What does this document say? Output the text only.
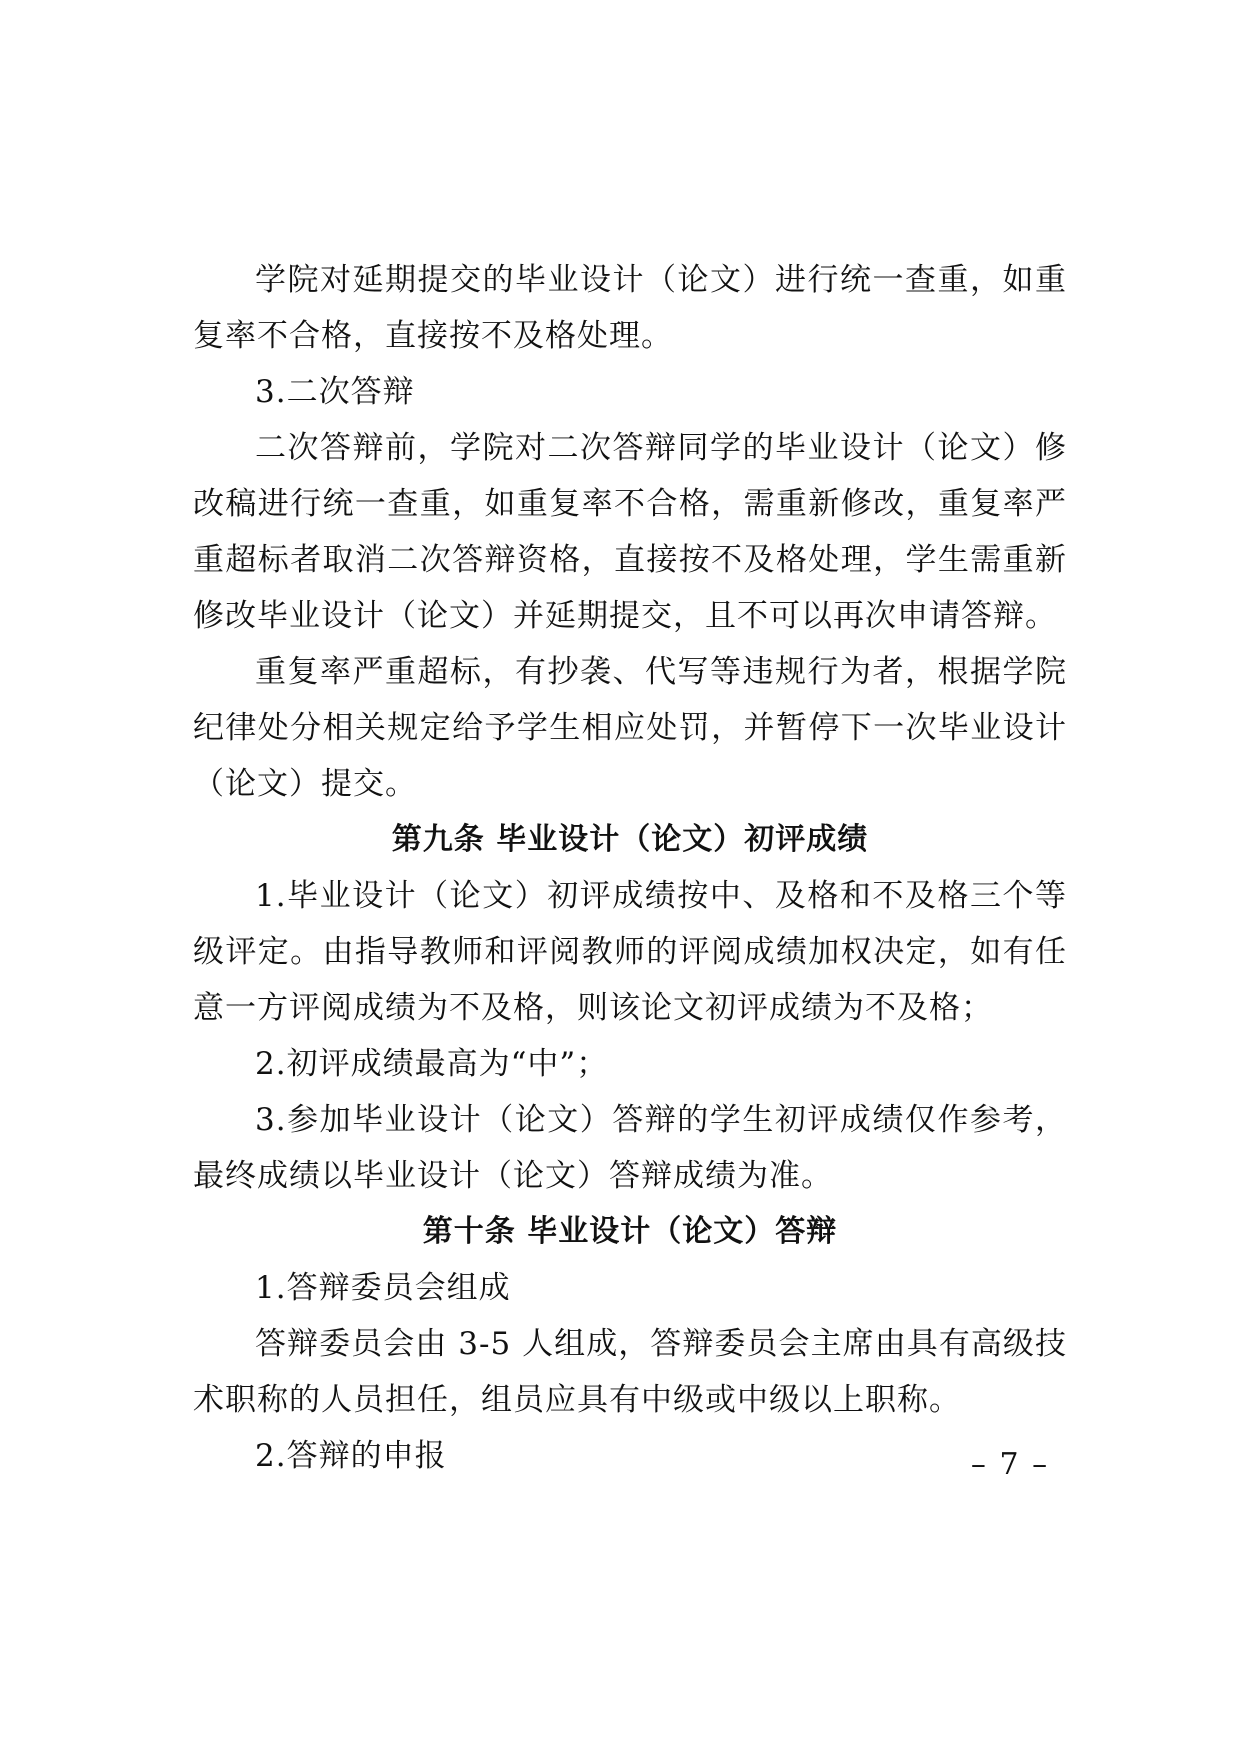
学院对延期提交的毕业设计（论文）进行统一查重，如重复率不合格，直接按不及格处理。

3.二次答辩

二次答辩前，学院对二次答辩同学的毕业设计（论文）修改稿进行统一查重，如重复率不合格，需重新修改，重复率严重超标者取消二次答辩资格，直接按不及格处理，学生需重新修改毕业设计（论文）并延期提交，且不可以再次申请答辩。

重复率严重超标，有抄袭、代写等违规行为者，根据学院纪律处分相关规定给予学生相应处罚，并暂停下一次毕业设计（论文）提交。

第九条 毕业设计（论文）初评成绩

1.毕业设计（论文）初评成绩按中、及格和不及格三个等级评定。由指导教师和评阅教师的评阅成绩加权决定，如有任意一方评阅成绩为不及格，则该论文初评成绩为不及格；

2.初评成绩最高为“中”；

3.参加毕业设计（论文）答辩的学生初评成绩仅作参考，最终成绩以毕业设计（论文）答辩成绩为准。

第十条 毕业设计（论文）答辩

1.答辩委员会组成

答辩委员会由 3-5 人组成，答辩委员会主席由具有高级技术职称的人员担任，组员应具有中级或中级以上职称。

2.答辩的申报	– 7 –
